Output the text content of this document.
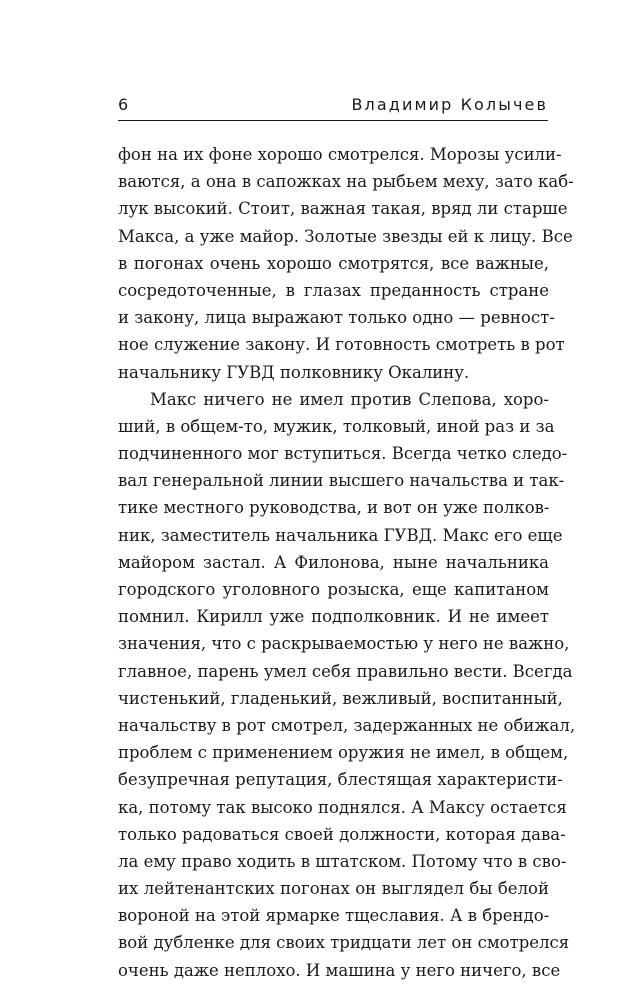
6	Владимир Колычев
фон на их фоне хорошо смотрелся. Морозы усили-
ваются, а она в сапожках на рыбьем меху, зато каб-
лук высокий. Стоит, важная такая, вряд ли старше
Макса, а уже майор. Золотые звезды ей к лицу. Все
в погонах очень хорошо смотрятся, все важные,
сосредоточенные, в глазах преданность стране
и закону, лица выражают только одно — ревност-
ное служение закону. И готовность смотреть в рот
начальнику ГУВД полковнику Окалину.
Макс ничего не имел против Слепова, хоро-
ший, в общем-то, мужик, толковый, иной раз и за
подчиненного мог вступиться. Всегда четко следо-
вал генеральной линии высшего начальства и так-
тике местного руководства, и вот он уже полков-
ник, заместитель начальника ГУВД. Макс его еще
майором застал. А Филонова, ныне начальника
городского уголовного розыска, еще капитаном
помнил. Кирилл уже подполковник. И не имеет
значения, что с раскрываемостью у него не важно,
главное, парень умел себя правильно вести. Всегда
чистенький, гладенький, вежливый, воспитанный,
начальству в рот смотрел, задержанных не обижал,
проблем с применением оружия не имел, в общем,
безупречная репутация, блестящая характеристи-
ка, потому так высоко поднялся. А Максу остается
только радоваться своей должности, которая дава-
ла ему право ходить в штатском. Потому что в сво-
их лейтенантских погонах он выглядел бы белой
вороной на этой ярмарке тщеславия. А в брендо-
вой дубленке для своих тридцати лет он смотрелся
очень даже неплохо. И машина у него ничего, все
